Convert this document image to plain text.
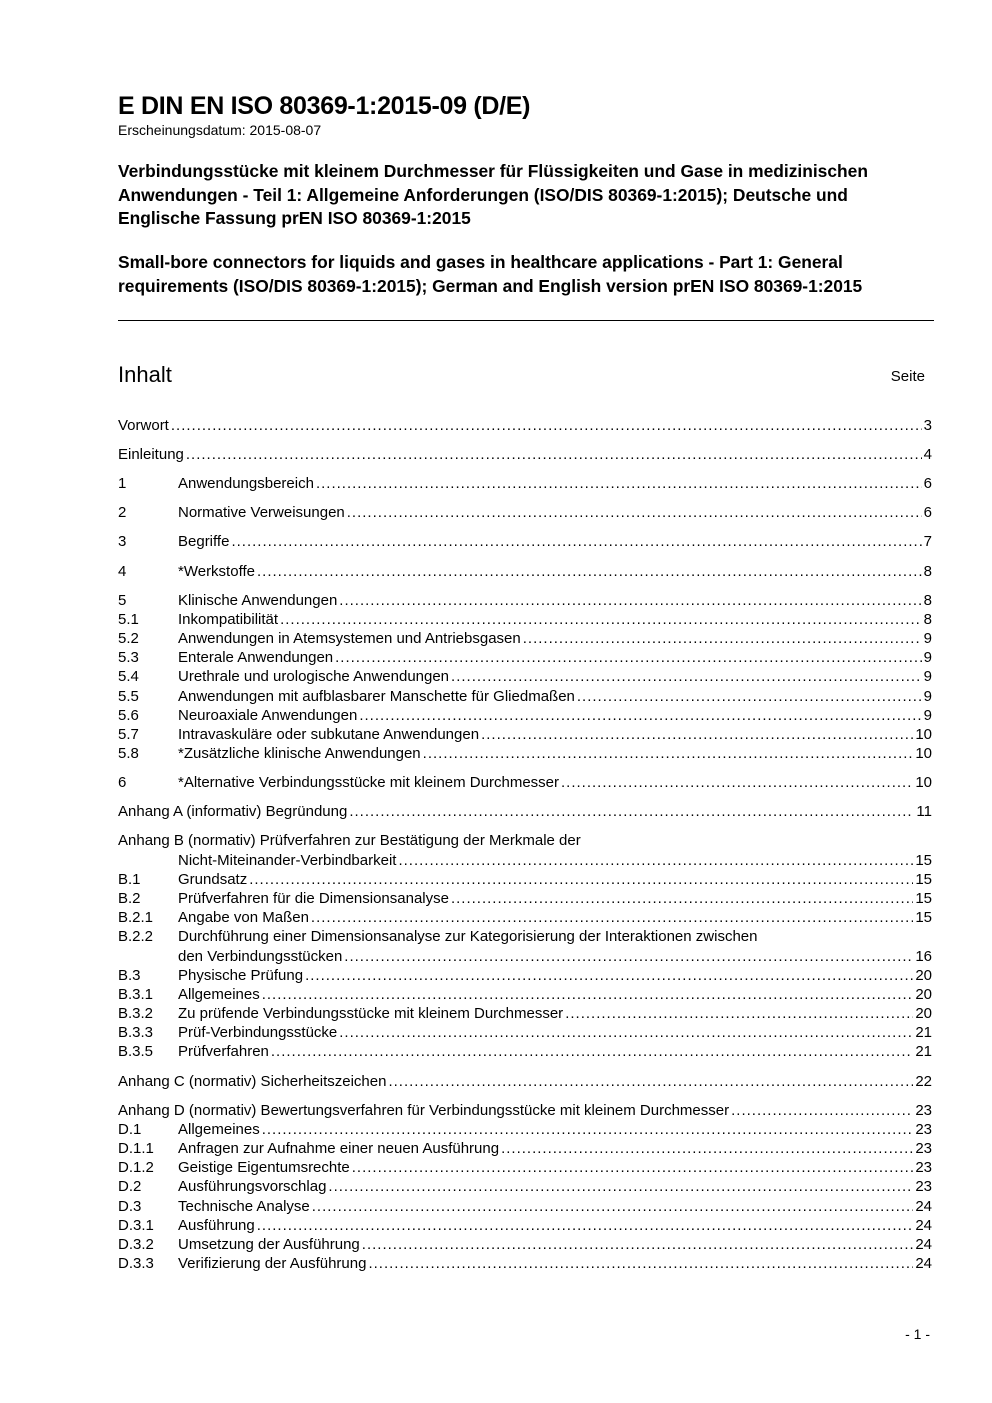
E DIN EN ISO 80369-1:2015-09 (D/E)
Erscheinungsdatum: 2015-08-07
Verbindungsstücke mit kleinem Durchmesser für Flüssigkeiten und Gase in medizinischen Anwendungen - Teil 1: Allgemeine Anforderungen (ISO/DIS 80369-1:2015); Deutsche und Englische Fassung prEN ISO 80369-1:2015
Small-bore connectors for liquids and gases in healthcare applications - Part 1: General requirements (ISO/DIS 80369-1:2015); German and English version prEN ISO 80369-1:2015
Inhalt	Seite
Vorwort .....	3
Einleitung .....	4
1	Anwendungsbereich .....	6
2	Normative Verweisungen .....	6
3	Begriffe .....	7
4	*Werkstoffe .....	8
5	Klinische Anwendungen .....	8
5.1	Inkompatibilität .....	8
5.2	Anwendungen in Atemsystemen und Antriebsgasen .....	9
5.3	Enterale Anwendungen .....	9
5.4	Urethrale und urologische Anwendungen .....	9
5.5	Anwendungen mit aufblasbarer Manschette für Gliedmaßen .....	9
5.6	Neuroaxiale Anwendungen .....	9
5.7	Intravaskuläre oder subkutane Anwendungen .....	10
5.8	*Zusätzliche klinische Anwendungen .....	10
6	*Alternative Verbindungsstücke mit kleinem Durchmesser .....	10
Anhang A (informativ) Begründung .....	11
Anhang B (normativ) Prüfverfahren zur Bestätigung der Merkmale der
Nicht-Miteinander-Verbindbarkeit .....	15
B.1	Grundsatz .....	15
B.2	Prüfverfahren für die Dimensionsanalyse .....	15
B.2.1	Angabe von Maßen .....	15
B.2.2	Durchführung einer Dimensionsanalyse zur Kategorisierung der Interaktionen zwischen
den Verbindungsstücken .....	16
B.3	Physische Prüfung .....	20
B.3.1	Allgemeines .....	20
B.3.2	Zu prüfende Verbindungsstücke mit kleinem Durchmesser .....	20
B.3.3	Prüf-Verbindungsstücke .....	21
B.3.5	Prüfverfahren .....	21
Anhang C (normativ) Sicherheitszeichen .....	22
Anhang D (normativ) Bewertungsverfahren für Verbindungsstücke mit kleinem Durchmesser .....	23
D.1	Allgemeines .....	23
D.1.1	Anfragen zur Aufnahme einer neuen Ausführung .....	23
D.1.2	Geistige Eigentumsrechte .....	23
D.2	Ausführungsvorschlag .....	23
D.3	Technische Analyse .....	24
D.3.1	Ausführung .....	24
D.3.2	Umsetzung der Ausführung .....	24
D.3.3	Verifizierung der Ausführung .....	24
- 1 -
